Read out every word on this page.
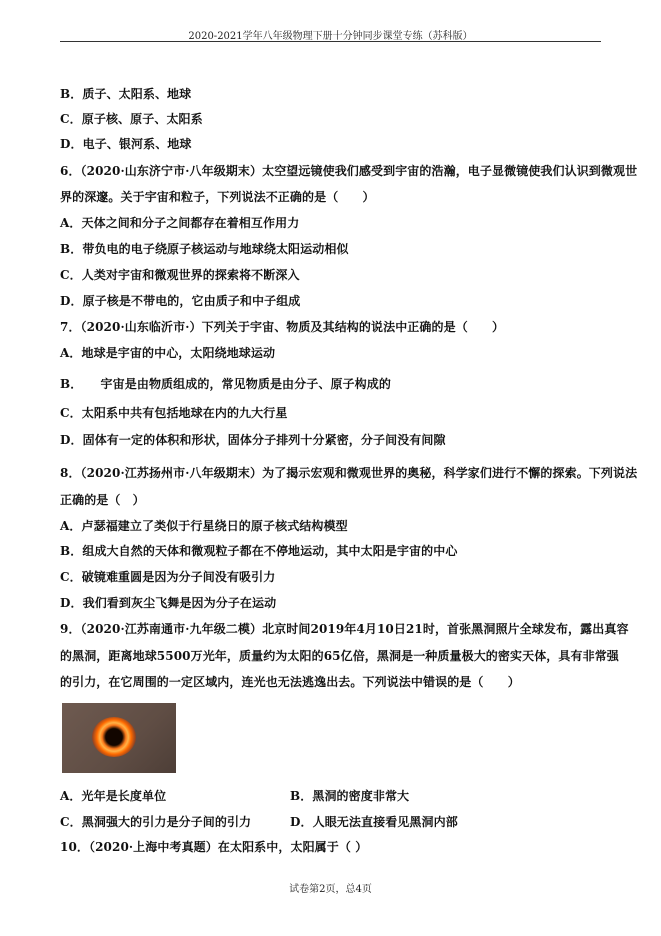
2020-2021学年八年级物理下册十分钟同步课堂专练（苏科版）
B．质子、太阳系、地球
C．原子核、原子、太阳系
D．电子、银河系、地球
6．（2020·山东济宁市·八年级期末）太空望远镜使我们感受到宇宙的浩瀚，电子显微镜使我们认识到微观世
界的深邃。关于宇宙和粒子，下列说法不正确的是（　　）
A．天体之间和分子之间都存在着相互作用力
B．带负电的电子绕原子核运动与地球绕太阳运动相似
C．人类对宇宙和微观世界的探索将不断深入
D．原子核是不带电的，它由质子和中子组成
7．（2020·山东临沂市·）下列关于宇宙、物质及其结构的说法中正确的是（　　）
A．地球是宇宙的中心，太阳绕地球运动
B．　　宇宙是由物质组成的，常见物质是由分子、原子构成的
C．太阳系中共有包括地球在内的九大行星
D．固体有一定的体积和形状，固体分子排列十分紧密，分子间没有间隙
8．（2020·江苏扬州市·八年级期末）为了揭示宏观和微观世界的奥秘，科学家们进行不懈的探索。下列说法
正确的是（　）
A．卢瑟福建立了类似于行星绕日的原子核式结构模型
B．组成大自然的天体和微观粒子都在不停地运动，其中太阳是宇宙的中心
C．破镜难重圆是因为分子间没有吸引力
D．我们看到灰尘飞舞是因为分子在运动
9．（2020·江苏南通市·九年级二模）北京时间2019年4月10日21时，首张黑洞照片全球发布，露出真容
的黑洞，距离地球5500万光年，质量约为太阳的65亿倍，黑洞是一种质量极大的密实天体，具有非常强
的引力，在它周围的一定区域内，连光也无法逃逸出去。下列说法中错误的是（　　）
A．光年是长度单位	B．黑洞的密度非常大
C．黑洞强大的引力是分子间的引力	D．人眼无法直接看见黑洞内部
10．（2020·上海中考真题）在太阳系中，太阳属于（ ）
试卷第2页，总4页
